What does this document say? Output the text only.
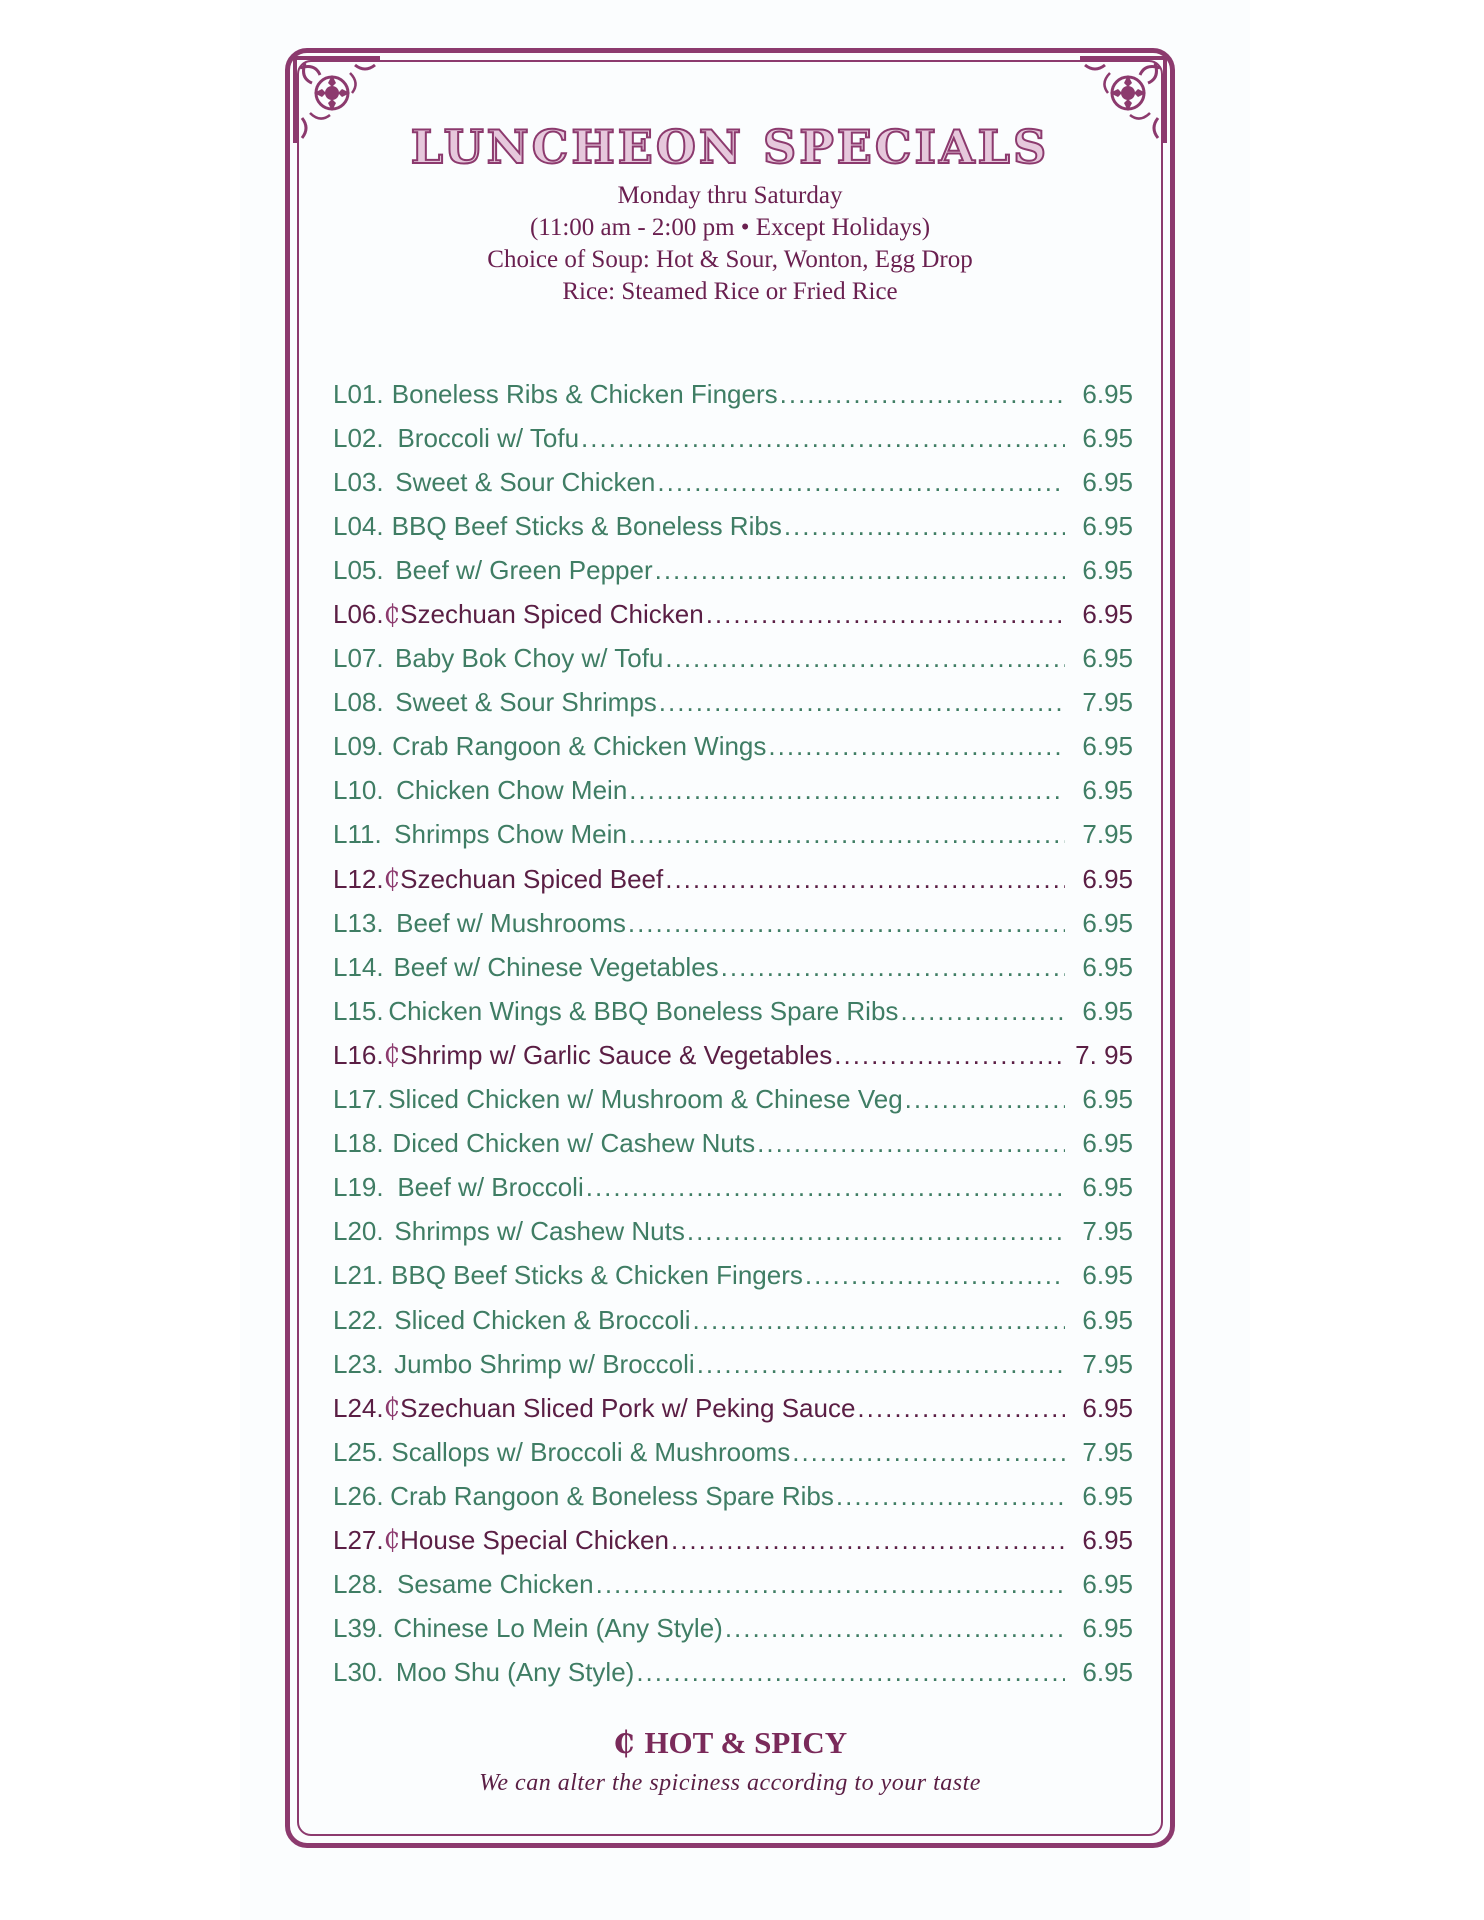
LUNCHEON SPECIALS
Monday thru Saturday
(11:00 am - 2:00 pm • Except Holidays)
Choice of Soup: Hot & Sour, Wonton, Egg Drop
Rice: Steamed Rice or Fried Rice
L01. Boneless Ribs & Chicken Fingers .....	6.95
L02. Broccoli w/ Tofu .....	6.95
L03. Sweet & Sour Chicken .....	6.95
L04. BBQ Beef Sticks & Boneless Ribs .....	6.95
L05. Beef w/ Green Pepper .....	6.95
L06. ₵ Szechuan Spiced Chicken .....	6.95
L07. Baby Bok Choy w/ Tofu .....	6.95
L08. Sweet & Sour Shrimps .....	7.95
L09. Crab Rangoon & Chicken Wings .....	6.95
L10. Chicken Chow Mein .....	6.95
L11. Shrimps Chow Mein .....	7.95
L12. ₵ Szechuan Spiced Beef .....	6.95
L13. Beef w/ Mushrooms .....	6.95
L14. Beef w/ Chinese Vegetables .....	6.95
L15. Chicken Wings & BBQ Boneless Spare Ribs .....	6.95
L16. ₵ Shrimp w/ Garlic Sauce & Vegetables .....	7. 95
L17. Sliced Chicken w/ Mushroom & Chinese Veg .....	6.95
L18. Diced Chicken w/ Cashew Nuts .....	6.95
L19. Beef w/ Broccoli .....	6.95
L20. Shrimps w/ Cashew Nuts .....	7.95
L21. BBQ Beef Sticks & Chicken Fingers .....	6.95
L22. Sliced Chicken & Broccoli .....	6.95
L23. Jumbo Shrimp w/ Broccoli .....	7.95
L24. ₵ Szechuan Sliced Pork w/ Peking Sauce .....	6.95
L25. Scallops w/ Broccoli & Mushrooms .....	7.95
L26. Crab Rangoon & Boneless Spare Ribs .....	6.95
L27. ₵ House Special Chicken .....	6.95
L28. Sesame Chicken .....	6.95
L39. Chinese Lo Mein (Any Style) .....	6.95
L30. Moo Shu (Any Style) .....	6.95
₵ HOT & SPICY
We can alter the spiciness according to your taste
